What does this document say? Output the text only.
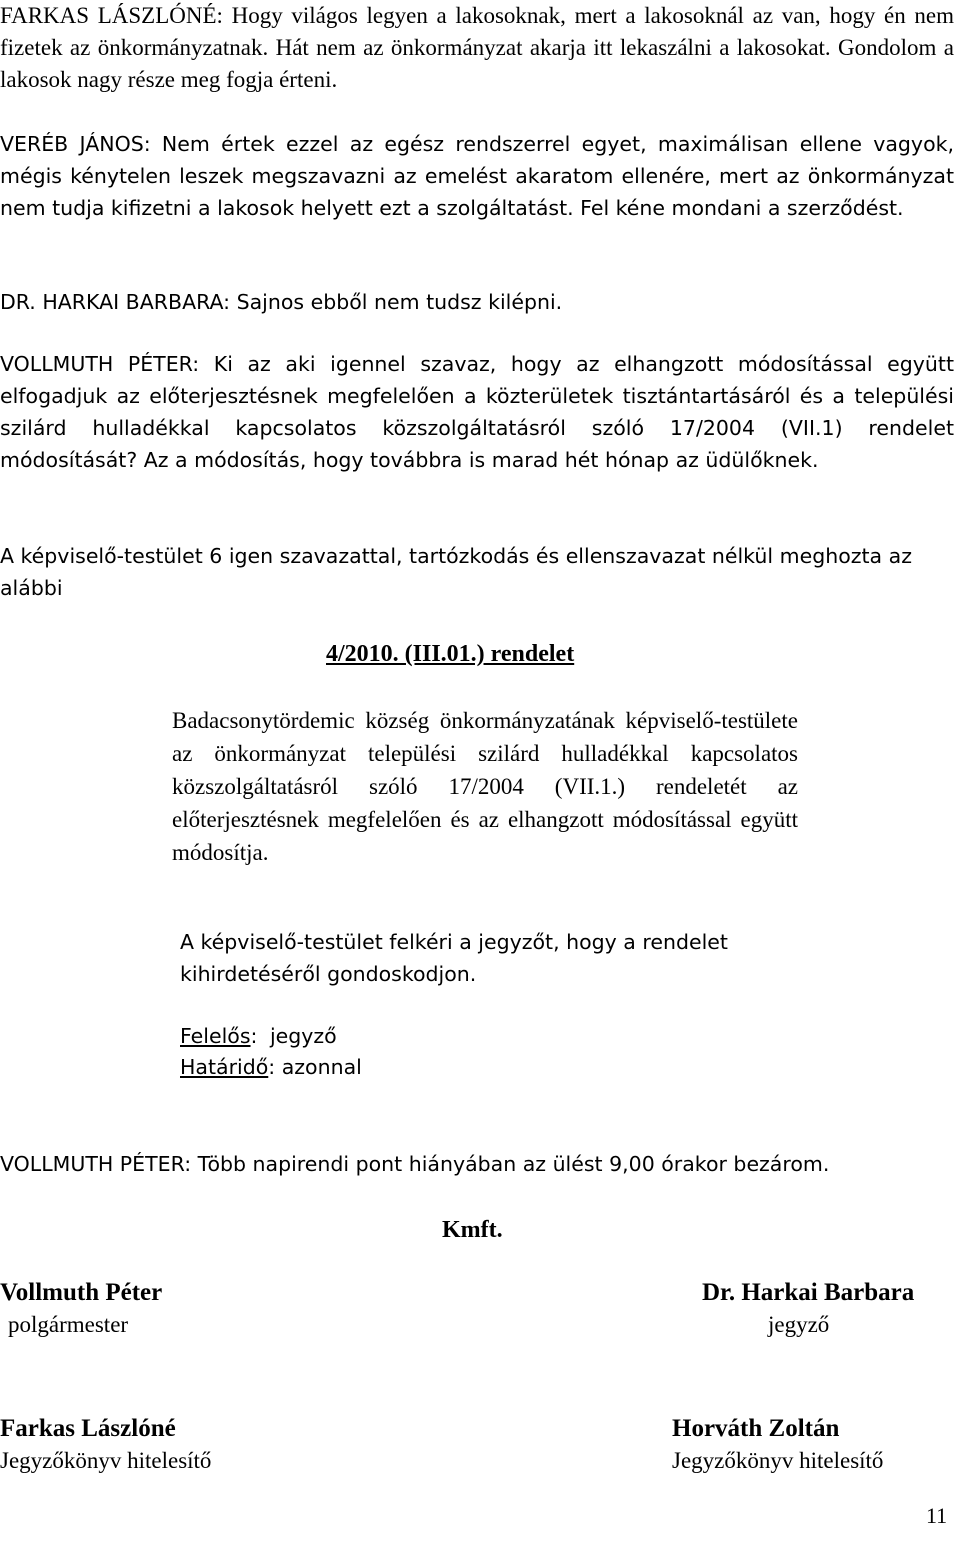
FARKAS LÁSZLÓNÉ: Hogy világos legyen a lakosoknak, mert a lakosoknál az van, hogy én nem fizetek az önkormányzatnak. Hát nem az önkormányzat akarja itt lekaszálni a lakosokat. Gondolom a lakosok nagy része meg fogja érteni.

VERÉB JÁNOS: Nem értek ezzel az egész rendszerrel egyet, maximálisan ellene vagyok, mégis kénytelen leszek megszavazni az emelést akaratom ellenére, mert az önkormányzat nem tudja kifizetni a lakosok helyett ezt a szolgáltatást. Fel kéne mondani a szerződést.

DR. HARKAI BARBARA: Sajnos ebből nem tudsz kilépni.

VOLLMUTH PÉTER: Ki az aki igennel szavaz, hogy az elhangzott módosítással együtt elfogadjuk az előterjesztésnek megfelelően a közterületek tisztántartásáról és a települési szilárd hulladékkal kapcsolatos közszolgáltatásról szóló 17/2004 (VII.1) rendelet módosítását? Az a módosítás, hogy továbbra is marad hét hónap az üdülőknek.

A képviselő-testület 6 igen szavazattal, tartózkodás és ellenszavazat nélkül meghozta az alábbi

4/2010. (III.01.) rendelet

Badacsonytördemic község önkormányzatának képviselő-testülete az önkormányzat települési szilárd hulladékkal kapcsolatos közszolgáltatásról szóló 17/2004 (VII.1.) rendeletét az előterjesztésnek megfelelően és az elhangzott módosítással együtt módosítja.

A képviselő-testület felkéri a jegyzőt, hogy a rendelet kihirdetéséről gondoskodjon.

Felelős: jegyző
Határidő: azonnal

VOLLMUTH PÉTER: Több napirendi pont hiányában az ülést 9,00 órakor bezárom.

Kmft.
Vollmuth Péter
polgármester
Dr. Harkai Barbara
jegyző
Farkas Lászlóné
Jegyzőkönyv hitelesítő
Horváth Zoltán
Jegyzőkönyv hitelesítő
11
